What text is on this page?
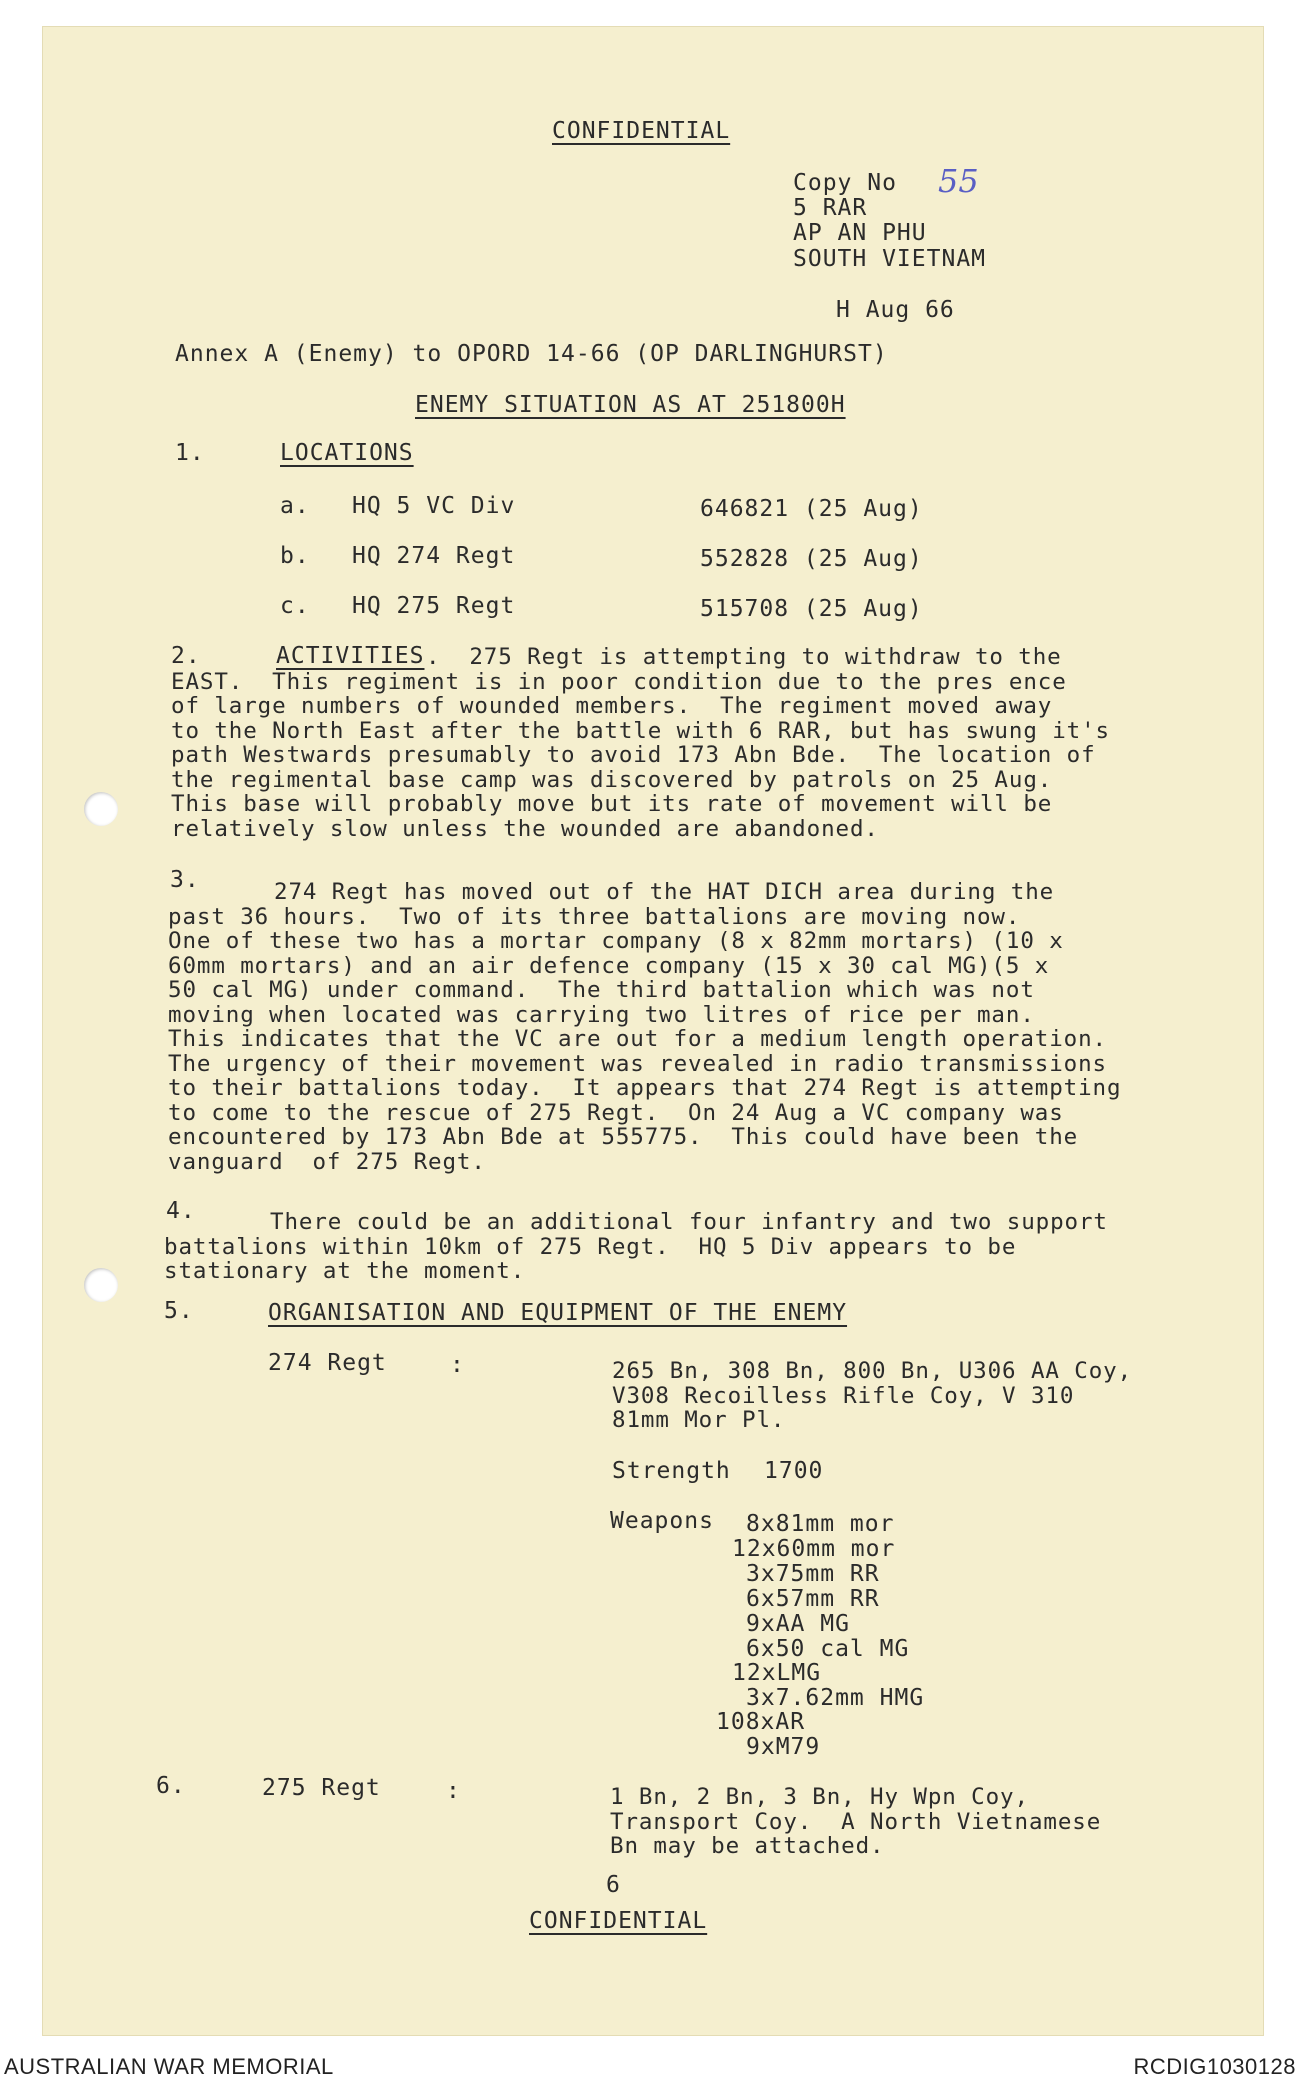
CONFIDENTIAL
Copy No 55
5 RAR
AP AN PHU
SOUTH VIETNAM
H Aug 66
Annex A (Enemy) to OPORD 14-66 (OP DARLINGHURST)
ENEMY SITUATION AS AT 251800H
1.	LOCATIONS
a. HQ 5 VC Div	646821 (25 Aug)
b. HQ 274 Regt	552828 (25 Aug)
c. HQ 275 Regt	515708 (25 Aug)
2.	ACTIVITIES .  275 Regt is attempting to withdraw to the
EAST.  This regiment is in poor condition due to the pres ence
of large numbers of wounded members.  The regiment moved away
to the North East after the battle with 6 RAR, but has swung it's
path Westwards presumably to avoid 173 Abn Bde.  The location of
the regimental base camp was discovered by patrols on 25 Aug.
This base will probably move but its rate of movement will be
relatively slow unless the wounded are abandoned.
3.	274 Regt has moved out of the HAT DICH area during the
past 36 hours.  Two of its three battalions are moving now.
One of these two has a mortar company (8 x 82mm mortars) (10 x
60mm mortars) and an air defence company (15 x 30 cal MG)(5 x
50 cal MG) under command.  The third battalion which was not
moving when located was carrying two litres of rice per man.
This indicates that the VC are out for a medium length operation.
The urgency of their movement was revealed in radio transmissions
to their battalions today.  It appears that 274 Regt is attempting
to come to the rescue of 275 Regt.  On 24 Aug a VC company was
encountered by 173 Abn Bde at 555775.  This could have been the
vanguard  of 275 Regt.
4.	There could be an additional four infantry and two support
battalions within 10km of 275 Regt.  HQ 5 Div appears to be
stationary at the moment.
5.	ORGANISATION AND EQUIPMENT OF THE ENEMY
274 Regt	:	265 Bn, 308 Bn, 800 Bn, U306 AA Coy,
V308 Recoilless Rifle Coy, V 310
81mm Mor Pl.
Strength 1700
Weapons 8x81mm mor
12x60mm mor
3x75mm RR
6x57mm RR
9xAA MG
6x50 cal MG
12xLMG
3x7.62mm HMG
108xAR
9xM79
6.	275 Regt	:	1 Bn, 2 Bn, 3 Bn, Hy Wpn Coy,
Transport Coy.  A North Vietnamese
Bn may be attached.
6
CONFIDENTIAL
AUSTRALIAN WAR MEMORIAL	RCDIG1030128
